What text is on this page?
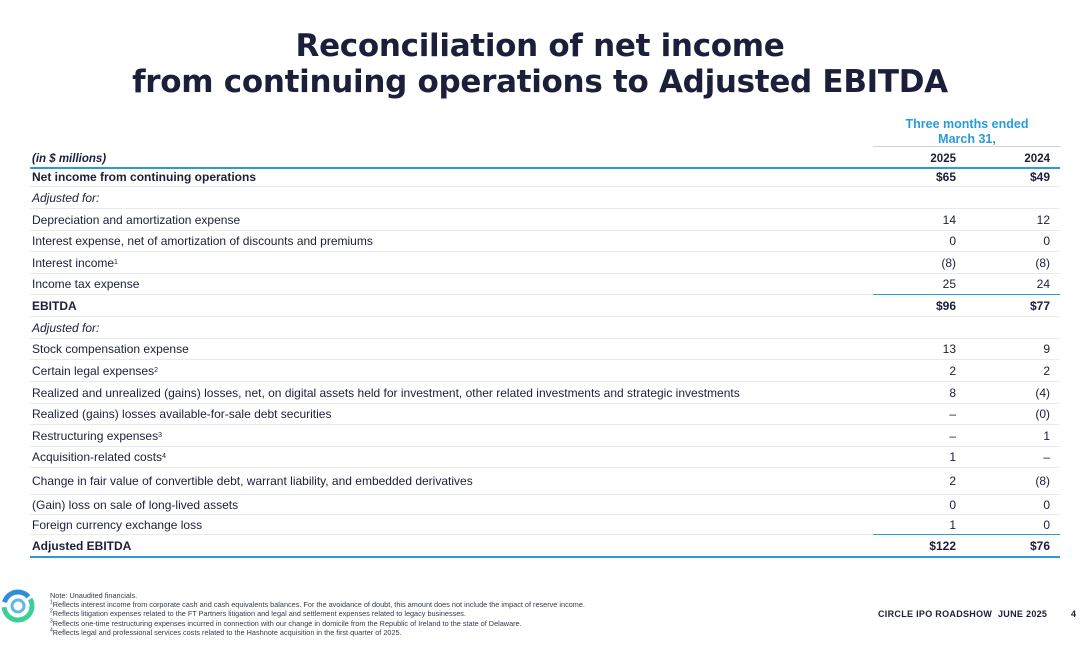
Reconciliation of net income
from continuing operations to Adjusted EBITDA
Three months ended
March 31,
(in $ millions)	2025	2024
Net income from continuing operations	$65	$49
Adjusted for:
Depreciation and amortization expense	14	12
Interest expense, net of amortization of discounts and premiums	0	0
Interest income 1	(8)	(8)
Income tax expense	25	24
EBITDA	$96	$77
Adjusted for:
Stock compensation expense	13	9
Certain legal expenses 2	2	2
Realized and unrealized (gains) losses, net, on digital assets held for investment, other related investments and strategic investments	8	(4)
Realized (gains) losses available-for-sale debt securities	–	(0)
Restructuring expenses 3	–	1
Acquisition-related costs 4	1	–
Change in fair value of convertible debt, warrant liability, and embedded derivatives	2	(8)
(Gain) loss on sale of long-lived assets	0	0
Foreign currency exchange loss	1	0
Adjusted EBITDA	$122	$76
Note: Unaudited financials.
$^1$Reflects interest income from corporate cash and cash equivalents balances. For the avoidance of doubt, this amount does not include the impact of reserve income.
$^2$Reflects litigation expenses related to the FT Partners litigation and legal and settlement expenses related to legacy businesses.
$^3$Reflects one-time restructuring expenses incurred in connection with our change in domicile from the Republic of Ireland to the state of Delaware.
$^4$Reflects legal and professional services costs related to the Hashnote acquisition in the first quarter of 2025.
CIRCLE IPO ROADSHOW JUNE 2025	4
